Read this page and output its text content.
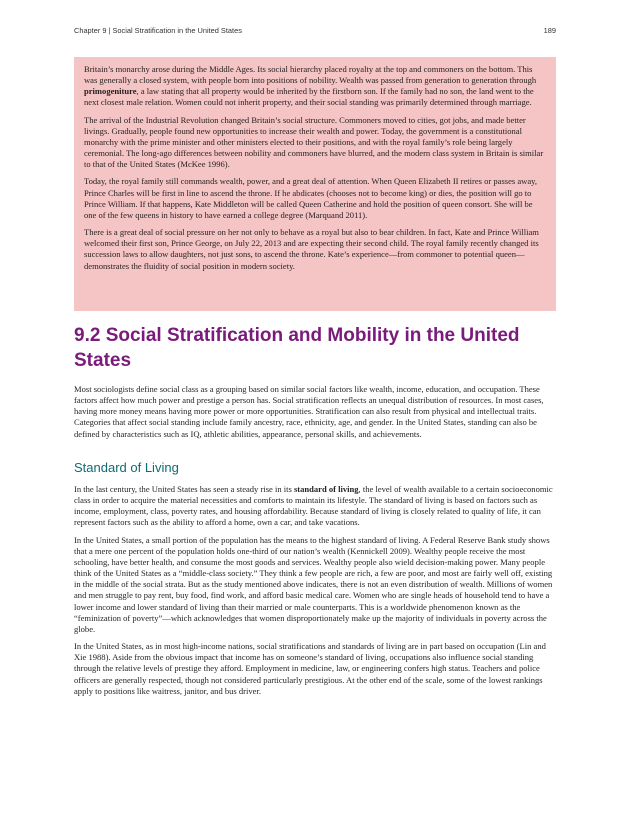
Chapter 9 | Social Stratification in the United States	189

Britain’s monarchy arose during the Middle Ages. Its social hierarchy placed royalty at the top and commoners on the bottom. This was generally a closed system, with people born into positions of nobility. Wealth was passed from generation to generation through primogeniture, a law stating that all property would be inherited by the firstborn son. If the family had no son, the land went to the next closest male relation. Women could not inherit property, and their social standing was primarily determined through marriage.

The arrival of the Industrial Revolution changed Britain’s social structure. Commoners moved to cities, got jobs, and made better livings. Gradually, people found new opportunities to increase their wealth and power. Today, the government is a constitutional monarchy with the prime minister and other ministers elected to their positions, and with the royal family’s role being largely ceremonial. The long-ago differences between nobility and commoners have blurred, and the modern class system in Britain is similar to that of the United States (McKee 1996).

Today, the royal family still commands wealth, power, and a great deal of attention. When Queen Elizabeth II retires or passes away, Prince Charles will be first in line to ascend the throne. If he abdicates (chooses not to become king) or dies, the position will go to Prince William. If that happens, Kate Middleton will be called Queen Catherine and hold the position of queen consort. She will be one of the few queens in history to have earned a college degree (Marquand 2011).

There is a great deal of social pressure on her not only to behave as a royal but also to bear children. In fact, Kate and Prince William welcomed their first son, Prince George, on July 22, 2013 and are expecting their second child. The royal family recently changed its succession laws to allow daughters, not just sons, to ascend the throne. Kate’s experience—from commoner to potential queen—demonstrates the fluidity of social position in modern society.

9.2 Social Stratification and Mobility in the United States

Most sociologists define social class as a grouping based on similar social factors like wealth, income, education, and occupation. These factors affect how much power and prestige a person has. Social stratification reflects an unequal distribution of resources. In most cases, having more money means having more power or more opportunities. Stratification can also result from physical and intellectual traits. Categories that affect social standing include family ancestry, race, ethnicity, age, and gender. In the United States, standing can also be defined by characteristics such as IQ, athletic abilities, appearance, personal skills, and achievements.

Standard of Living

In the last century, the United States has seen a steady rise in its standard of living, the level of wealth available to a certain socioeconomic class in order to acquire the material necessities and comforts to maintain its lifestyle. The standard of living is based on factors such as income, employment, class, poverty rates, and housing affordability. Because standard of living is closely related to quality of life, it can represent factors such as the ability to afford a home, own a car, and take vacations.

In the United States, a small portion of the population has the means to the highest standard of living. A Federal Reserve Bank study shows that a mere one percent of the population holds one-third of our nation’s wealth (Kennickell 2009). Wealthy people receive the most schooling, have better health, and consume the most goods and services. Wealthy people also wield decision-making power. Many people think of the United States as a “middle-class society.” They think a few people are rich, a few are poor, and most are fairly well off, existing in the middle of the social strata. But as the study mentioned above indicates, there is not an even distribution of wealth. Millions of women and men struggle to pay rent, buy food, find work, and afford basic medical care. Women who are single heads of household tend to have a lower income and lower standard of living than their married or male counterparts. This is a worldwide phenomenon known as the “feminization of poverty”—which acknowledges that women disproportionately make up the majority of individuals in poverty across the globe.

In the United States, as in most high-income nations, social stratifications and standards of living are in part based on occupation (Lin and Xie 1988). Aside from the obvious impact that income has on someone’s standard of living, occupations also influence social standing through the relative levels of prestige they afford. Employment in medicine, law, or engineering confers high status. Teachers and police officers are generally respected, though not considered particularly prestigious. At the other end of the scale, some of the lowest rankings apply to positions like waitress, janitor, and bus driver.
